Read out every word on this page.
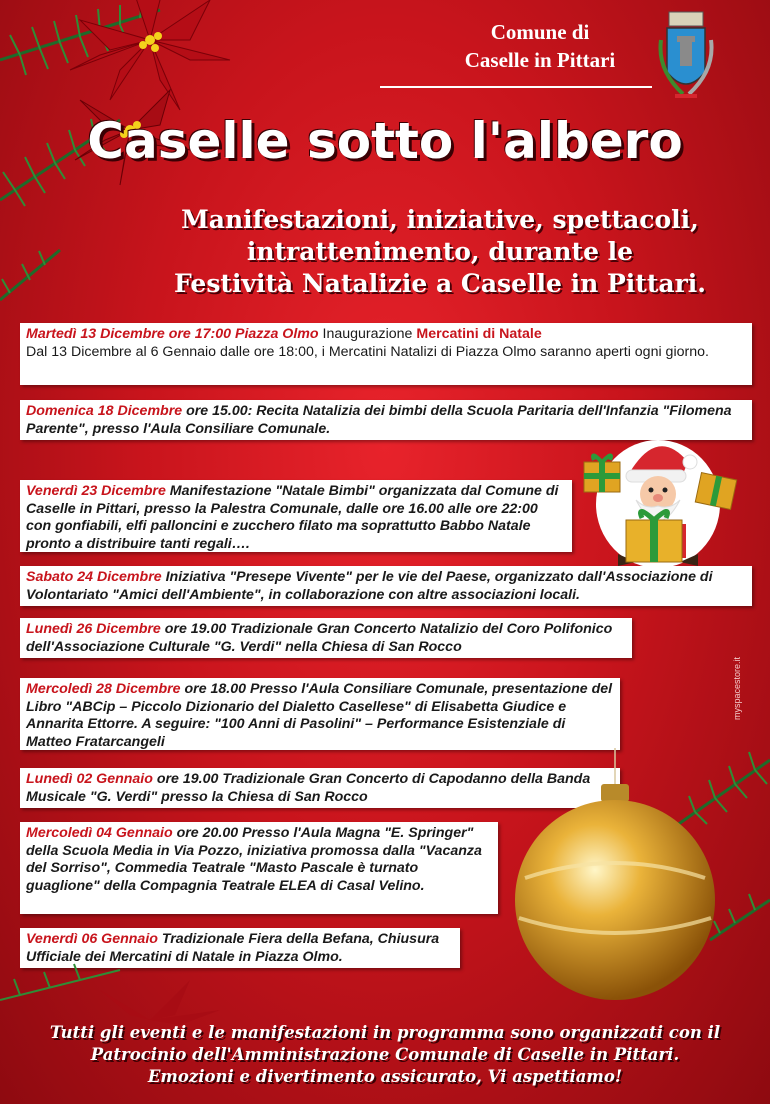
Comune di
Caselle in Pittari
Caselle sotto l'albero
Manifestazioni, iniziative, spettacoli,
intrattenimento, durante le
Festività Natalizie a Caselle in Pittari.
Martedì 13 Dicembre ore 17:00 Piazza Olmo Inaugurazione Mercatini di Natale
Dal 13 Dicembre al 6 Gennaio dalle ore 18:00, i Mercatini Natalizi di Piazza Olmo saranno aperti ogni giorno.
Domenica 18 Dicembre ore 15.00: Recita Natalizia dei bimbi della Scuola Paritaria dell'Infanzia "Filomena Parente", presso l'Aula Consiliare Comunale.
Venerdì 23 Dicembre Manifestazione "Natale Bimbi" organizzata dal Comune di Caselle in Pittari, presso la Palestra Comunale, dalle ore 16.00 alle ore 22:00 con gonfiabili, elfi palloncini e zucchero filato ma soprattutto Babbo Natale pronto a distribuire tanti regali….
Sabato 24 Dicembre Iniziativa "Presepe Vivente" per le vie del Paese, organizzato dall'Associazione di Volontariato "Amici dell'Ambiente", in collaborazione con altre associazioni locali.
Lunedì 26 Dicembre ore 19.00 Tradizionale Gran Concerto Natalizio del Coro Polifonico dell'Associazione Culturale "G. Verdi" nella Chiesa di San Rocco
Mercoledì 28 Dicembre ore 18.00 Presso l'Aula Consiliare Comunale, presentazione del Libro "ABCip – Piccolo Dizionario del Dialetto Casellese" di Elisabetta Giudice e Annarita Ettorre. A seguire: "100 Anni di Pasolini" – Performance Esistenziale di Matteo Fratarcangeli
Lunedì 02 Gennaio ore 19.00 Tradizionale Gran Concerto di Capodanno della Banda Musicale "G. Verdi" presso la Chiesa di San Rocco
Mercoledì 04 Gennaio ore 20.00 Presso l'Aula Magna "E. Springer" della Scuola Media in Via Pozzo, iniziativa promossa dalla "Vacanza del Sorriso", Commedia Teatrale "Masto Pascale è turnato guaglione" della Compagnia Teatrale ELEA di Casal Velino.
Venerdì 06 Gennaio Tradizionale Fiera della Befana, Chiusura Ufficiale dei Mercatini di Natale in Piazza Olmo.
myspacestore.it
Tutti gli eventi e le manifestazioni in programma sono organizzati con il
Patrocinio dell'Amministrazione Comunale di Caselle in Pittari.
Emozioni e divertimento assicurato, Vi aspettiamo!
